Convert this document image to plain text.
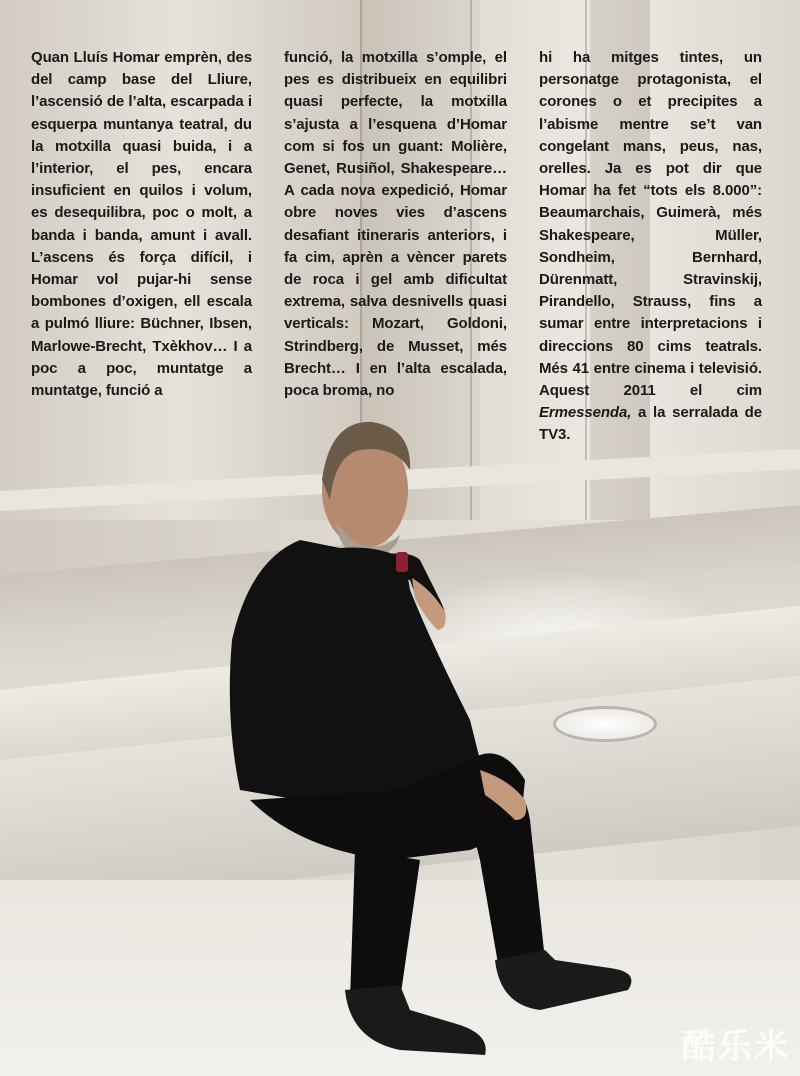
Quan Lluís Homar emprèn, des del camp base del Lliure, l’ascensió de l’alta, escarpada i esquerpa muntanya teatral, du la motxilla quasi buida, i a l’interior, el pes, encara insuficient en quilos i volum, es desequilibra, poc o molt, a banda i banda, amunt i avall. L’ascens és força difícil, i Homar vol pujar-hi sense bombones d’oxigen, ell escala a pulmó lliure: Büchner, Ibsen, Marlowe-Brecht, Txèkhov… I a poc a poc, muntatge a muntatge, funció a

funció, la motxilla s’omple, el pes es distribueix en equilibri quasi perfecte, la motxilla s’ajusta a l’esquena d’Homar com si fos un guant: Molière, Genet, Rusiñol, Shakespeare… A cada nova expedició, Homar obre noves vies d’ascens desafiant itineraris anteriors, i fa cim, aprèn a vèncer parets de roca i gel amb dificultat extrema, salva desnivells quasi verticals: Mozart, Goldoni, Strindberg, de Musset, més Brecht… I en l’alta escalada, poca broma, no

hi ha mitges tintes, un personatge protagonista, el corones o et precipites a l’abisme mentre se’t van congelant mans, peus, nas, orelles. Ja es pot dir que Homar ha fet “tots els 8.000”: Beaumarchais, Guimerà, més Shakespeare, Müller, Sondheim, Bernhard, Dürenmatt, Stravinskij, Pirandello, Strauss, fins a sumar entre interpretacions i direccions 80 cims teatrals. Més 41 entre cinema i televisió. Aquest 2011 el cim Ermessenda, a la serralada de TV3.

酷乐米
